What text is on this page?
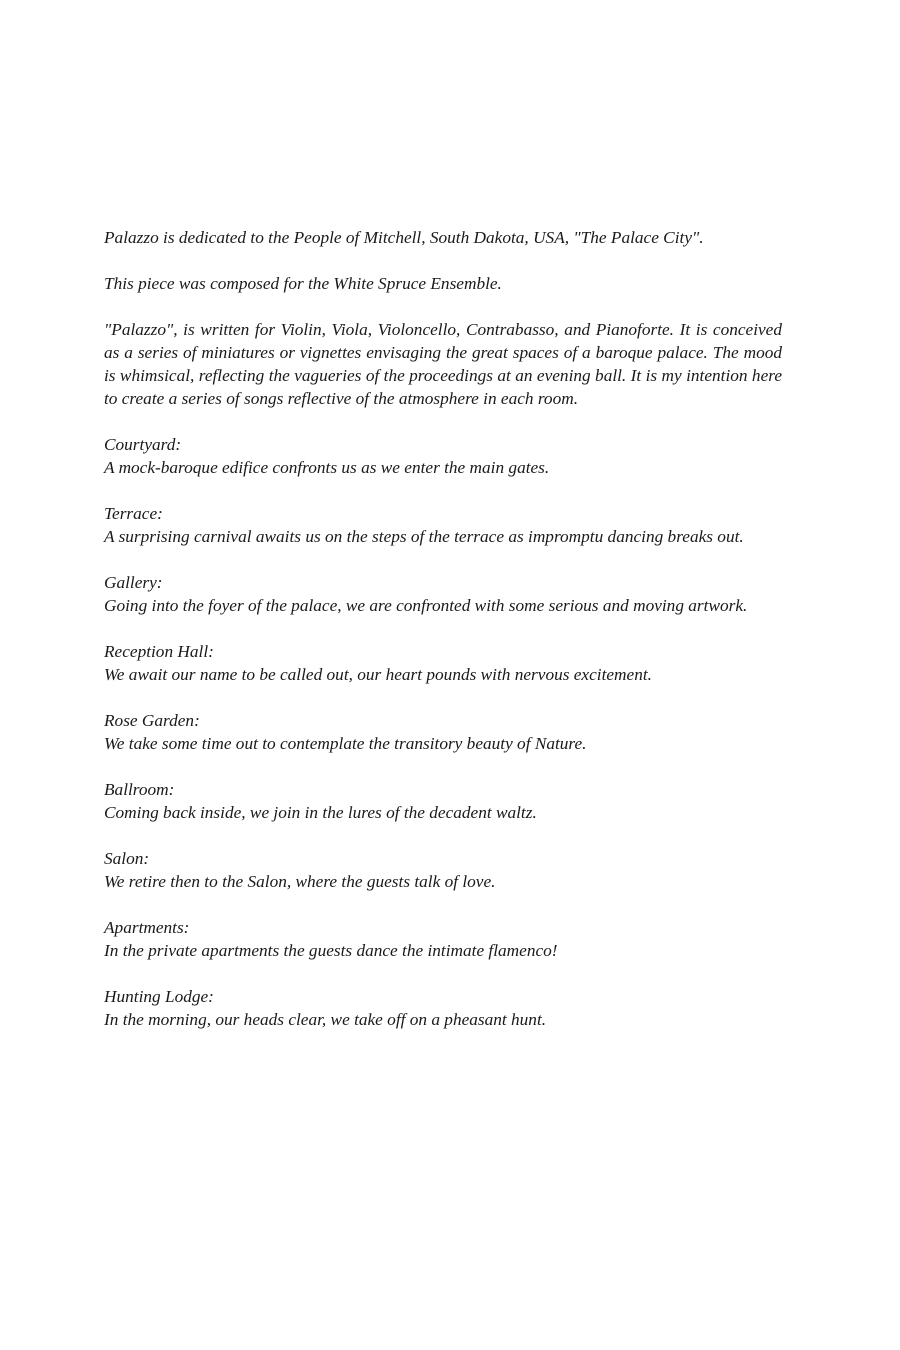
Palazzo is dedicated to the People of Mitchell, South Dakota, USA, "The Palace City".

This piece was composed for the White Spruce Ensemble.

"Palazzo", is written for Violin, Viola, Violoncello, Contrabasso, and Pianoforte. It is conceived as a series of miniatures or vignettes envisaging the great spaces of a baroque palace. The mood is whimsical, reflecting the vagueries of the proceedings at an evening ball. It is my intention here to create a series of songs reflective of the atmosphere in each room.

Courtyard:
A mock-baroque edifice confronts us as we enter the main gates.
Terrace:
A surprising carnival awaits us on the steps of the terrace as impromptu dancing breaks out.
Gallery:
Going into the foyer of the palace, we are confronted with some serious and moving artwork.
Reception Hall:
We await our name to be called out, our heart pounds with nervous excitement.
Rose Garden:
We take some time out to contemplate the transitory beauty of Nature.
Ballroom:
Coming back inside, we join in the lures of the decadent waltz.
Salon:
We retire then to the Salon, where the guests talk of love.
Apartments:
In the private apartments the guests dance the intimate flamenco!
Hunting Lodge:
In the morning, our heads clear, we take off on a pheasant hunt.
